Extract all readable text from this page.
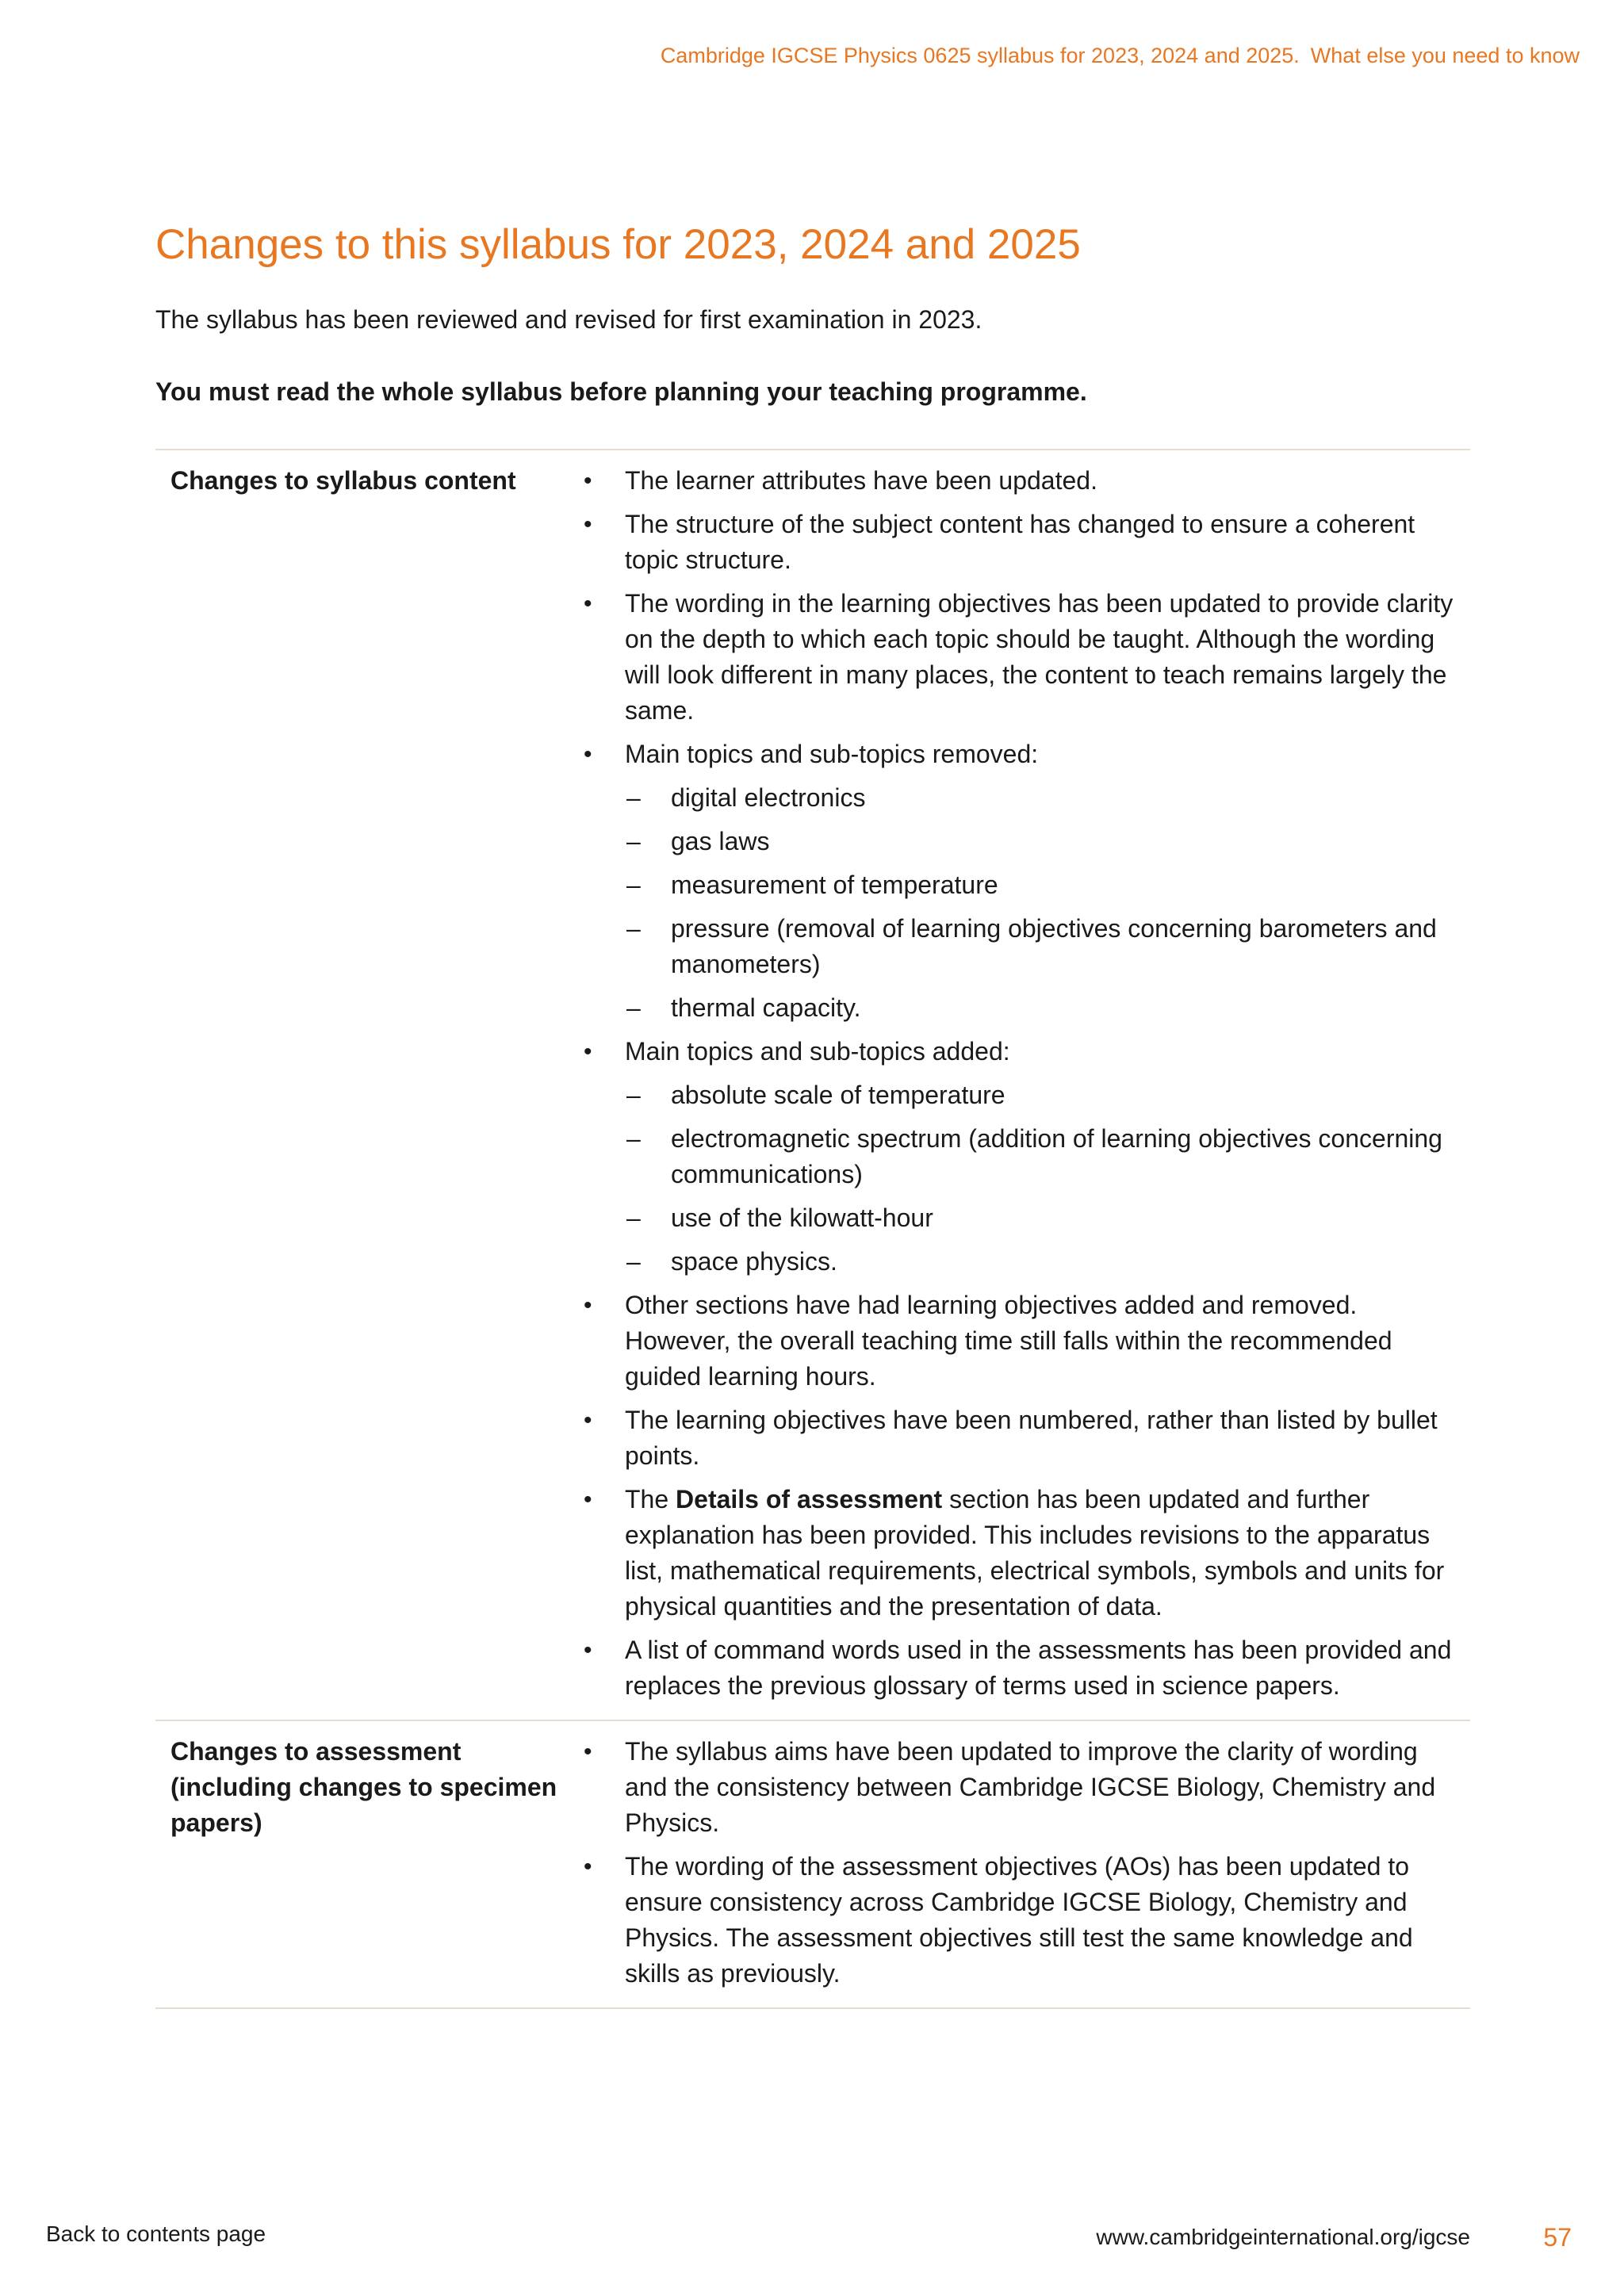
Cambridge IGCSE Physics 0625 syllabus for 2023, 2024 and 2025. What else you need to know
Changes to this syllabus for 2023, 2024 and 2025

The syllabus has been reviewed and revised for first examination in 2023.

You must read the whole syllabus before planning your teaching programme.

Changes to syllabus content	•	The learner attributes have been updated.
•	The structure of the subject content has changed to ensure a coherent topic structure.
•	The wording in the learning objectives has been updated to provide clarity on the depth to which each topic should be taught. Although the wording will look different in many places, the content to teach remains largely the same.
•	Main topics and sub-topics removed:
–	digital electronics
–	gas laws
–	measurement of temperature
–	pressure (removal of learning objectives concerning barometers and manometers)
–	thermal capacity.
•	Main topics and sub-topics added:
–	absolute scale of temperature
–	electromagnetic spectrum (addition of learning objectives concerning communications)
–	use of the kilowatt-hour
–	space physics.
•	Other sections have had learning objectives added and removed. However, the overall teaching time still falls within the recommended guided learning hours.
•	The learning objectives have been numbered, rather than listed by bullet points.
•	The Details of assessment section has been updated and further explanation has been provided. This includes revisions to the apparatus list, mathematical requirements, electrical symbols, symbols and units for physical quantities and the presentation of data.
•	A list of command words used in the assessments has been provided and replaces the previous glossary of terms used in science papers.
Changes to assessment
(including changes to specimen
papers)
•	The syllabus aims have been updated to improve the clarity of wording and the consistency between Cambridge IGCSE Biology, Chemistry and Physics.
•	The wording of the assessment objectives (AOs) has been updated to ensure consistency across Cambridge IGCSE Biology, Chemistry and Physics. The assessment objectives still test the same knowledge and skills as previously.
Back to contents page	www.cambridgeinternational.org/igcse	57
